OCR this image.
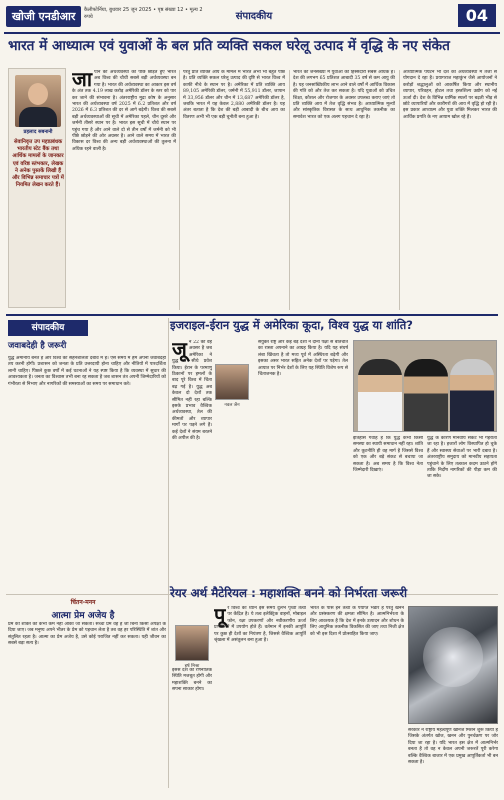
खोजी एनडीआर	कैलीफोर्निया, बुधवार 25 जून 2025 • पृष्ठ संख्या 12 • मूल्य 2 रुपये	संपादकीय	04
भारत में आध्यात्म एवं युवाओं के बल प्रति व्यक्ति सकल घरेलू उत्पाद में वृद्धि के नए संकेत
प्रहलाद सबनानी
सेवानिवृत्त उप महाप्रबंधक भारतीय स्टेट बैंक तथा आर्थिक मामलों के जानकार एवं वरिष्ठ स्तंभकार, लेखक ने अनेक पुस्तकें लिखी हैं और विभिन्न समाचार पत्रों में नियमित लेखन करते हैं।
जापान की अर्थव्यवस्था को पीछे छोड़ते हुए भारत अब विश्व की चौथी सबसे बड़ी अर्थव्यवस्था बन गया है। भारत की अर्थव्यवस्था का आकार इस वर्ष के अंत तक 4.19 लाख करोड़ अमेरिकी डॉलर के स्तर को पार कर जाने की संभावना है। अंतरराष्ट्रीय मुद्रा कोष के अनुसार भारत की अर्थव्यवस्था वर्ष 2025 में 6.2 प्रतिशत और वर्ष 2026 में 6.3 प्रतिशत की दर से आगे बढ़ेगी। विश्व की सबसे बड़ी अर्थव्यवस्थाओं की सूची में अमेरिका पहले, चीन दूसरे और जर्मनी तीसरे स्थान पर है। भारत इस सूची में चौथे स्थान पर पहुंच गया है और आने वाले दो से तीन वर्षों में जर्मनी को भी पीछे छोड़ने की ओर अग्रसर है। आने वाले समय में भारत की विकास दर विश्व की अन्य बड़ी अर्थव्यवस्थाओं की तुलना में अधिक रहने वाली है।
परंतु प्रति व्यक्ति आय के मामले में भारत अभी भी बहुत पीछे है। प्रति व्यक्ति सकल घरेलू उत्पाद की दृष्टि से भारत विश्व में काफी नीचे के स्थान पर है। अमेरिका में प्रति व्यक्ति आय 89,105 अमेरिकी डॉलर, जर्मनी में 55,911 डॉलर, जापान में 33,956 डॉलर और चीन में 13,687 अमेरिकी डॉलर है, जबकि भारत में यह केवल 2,880 अमेरिकी डॉलर है। यह अंतर बताता है कि देश की बड़ी आबादी के बीच आय का वितरण अभी भी एक बड़ी चुनौती बना हुआ है।
भारत की जनसंख्या में युवाओं की हिस्सेदारी सबसे अधिक है। देश की लगभग 65 प्रतिशत आबादी 35 वर्ष से कम आयु की है। यह जनसांख्यिकीय लाभ आने वाले वर्षों में आर्थिक विकास की गति को और तेज कर सकता है। यदि युवाओं को उचित शिक्षा, कौशल और रोजगार के अवसर उपलब्ध कराए जाएं तो प्रति व्यक्ति आय में तेज वृद्धि संभव है। आध्यात्मिक मूल्यों और सांस्कृतिक विरासत के साथ आधुनिक तकनीक का समावेश भारत को एक अलग पहचान दे रहा है।
आध्यात्मिक पर्यटन भी देश की अर्थव्यवस्था में तेजी से योगदान दे रहा है। प्रयागराज महाकुंभ जैसे आयोजनों ने करोड़ों श्रद्धालुओं को आकर्षित किया और स्थानीय व्यापार, परिवहन, होटल तथा हस्तशिल्प उद्योग को नई ऊर्जा दी। देश के विभिन्न धार्मिक स्थलों पर बढ़ती भीड़ से छोटे व्यापारियों और कारीगरों की आय में वृद्धि हो रही है। इस प्रकार आध्यात्म और युवा शक्ति मिलकर भारत की आर्थिक प्रगति के नए आयाम खोल रहे हैं।
संपादकीय
जवाबदेही है जरूरी
युद्ध अमानीय बनते हैं और विश्व की सहनशीलता दबाव में है। ऐसे समय में हमें अपनी जवाबदेही तय करनी होगी। प्रशासन को जनता के प्रति उत्तरदायी होना चाहिए और नीतियों में पारदर्शिता लानी चाहिए। पिछले कुछ वर्षों में कई घटनाओं ने यह स्पष्ट किया है कि व्यवस्था में सुधार की आवश्यकता है। जनता का विश्वास तभी बना रह सकता है जब शासन तंत्र अपनी जिम्मेदारियों को गंभीरता से निभाए और नागरिकों की समस्याओं का समय पर समाधान करे।
इजराइल-ईरान युद्ध में अमेरिका कूदा, विश्व युद्ध या शांति?
नवल जैन
जून 22 को वह अवसर है जब अमेरिका ने युद्ध में सीधे प्रवेश किया। ईरान के परमाणु ठिकानों पर हमलों के बाद पूरे विश्व में चिंता बढ़ गई है। युद्ध अब केवल दो देशों तक सीमित नहीं रहा बल्कि इसके प्रभाव वैश्विक अर्थव्यवस्था, तेल की कीमतों और व्यापार मार्गों पर पड़ने लगे हैं। कई देशों ने संयम बरतने की अपील की है।
संयुक्त राष्ट्र और कई बड़े देशों ने दोनों पक्षों से बातचीत का रास्ता अपनाने का आग्रह किया है। यदि यह संघर्ष लंबा खिंचता है तो मध्य पूर्व में अस्थिरता बढ़ेगी और इसका असर भारत सहित अनेक देशों पर पड़ेगा। तेल आयात पर निर्भर देशों के लिए यह स्थिति विशेष रूप से चिंताजनक है।
इतिहास गवाह है कि युद्ध कभी किसी समस्या का स्थायी समाधान नहीं रहा। शांति और कूटनीति ही वह मार्ग है जिससे विश्व को एक और बड़े संकट से बचाया जा सकता है। अब समय है कि विश्व नेता जिम्मेदारी दिखाएं।
युद्ध के कारण मानवीय संकट भी गहराता जा रहा है। हजारों लोग विस्थापित हो चुके हैं और स्वास्थ्य सेवाओं पर भारी दबाव है। अंतरराष्ट्रीय समुदाय को मानवीय सहायता पहुंचाने के लिए तत्काल कदम उठाने होंगे ताकि निर्दोष नागरिकों की पीड़ा कम की जा सके।
चिंतन-मनन
आत्मा प्रेम अजेय है
प्रेम की शक्ति को कभी कम नहीं आंका जा सकता। सच्चा प्रेम वह है जो बिना किसी अपेक्षा के दिया जाए। जब मनुष्य अपने भीतर के प्रेम को पहचान लेता है तब वह हर परिस्थिति में शांत और संतुलित रहता है। आत्मा का प्रेम अजेय है, उसे कोई पराजित नहीं कर सकता। यही जीवन का सबसे बड़ा सत्य है।
रेयर अर्थ मैटेरियल : महाशक्ति बनने को निर्भरता जरूरी
हर्ष मिश्रा
पूरे विश्व का ध्यान इस समय दुर्लभ पृथ्वी तत्वों पर केंद्रित है। ये तत्व इलेक्ट्रिक वाहनों, मोबाइल फोन, रक्षा उपकरणों और नवीकरणीय ऊर्जा प्रणालियों में उपयोग होते हैं। वर्तमान में इनकी आपूर्ति पर कुछ ही देशों का नियंत्रण है, जिससे वैश्विक आपूर्ति श्रृंखला में असंतुलन बना हुआ है।
भारत के पास इन तत्वों के पर्याप्त भंडार हैं परंतु खनन और प्रसंस्करण की क्षमता सीमित है। आत्मनिर्भरता के लिए आवश्यक है कि देश में इनके उत्पादन और शोधन के लिए आधुनिक तकनीक विकसित की जाए तथा निजी क्षेत्र को भी इस दिशा में प्रोत्साहित किया जाए।
सरकार ने राष्ट्रीय महत्वपूर्ण खनिज मिशन शुरू किया है जिसके अंतर्गत खोज, खनन और पुनर्चक्रण पर जोर दिया जा रहा है। यदि भारत इस क्षेत्र में आत्मनिर्भर बनता है तो वह न केवल अपनी जरूरतें पूरी करेगा बल्कि वैश्विक बाजार में एक प्रमुख आपूर्तिकर्ता भी बन सकता है।
इससे देश की रणनीतिक स्थिति मजबूत होगी और महाशक्ति बनने का सपना साकार होगा।
